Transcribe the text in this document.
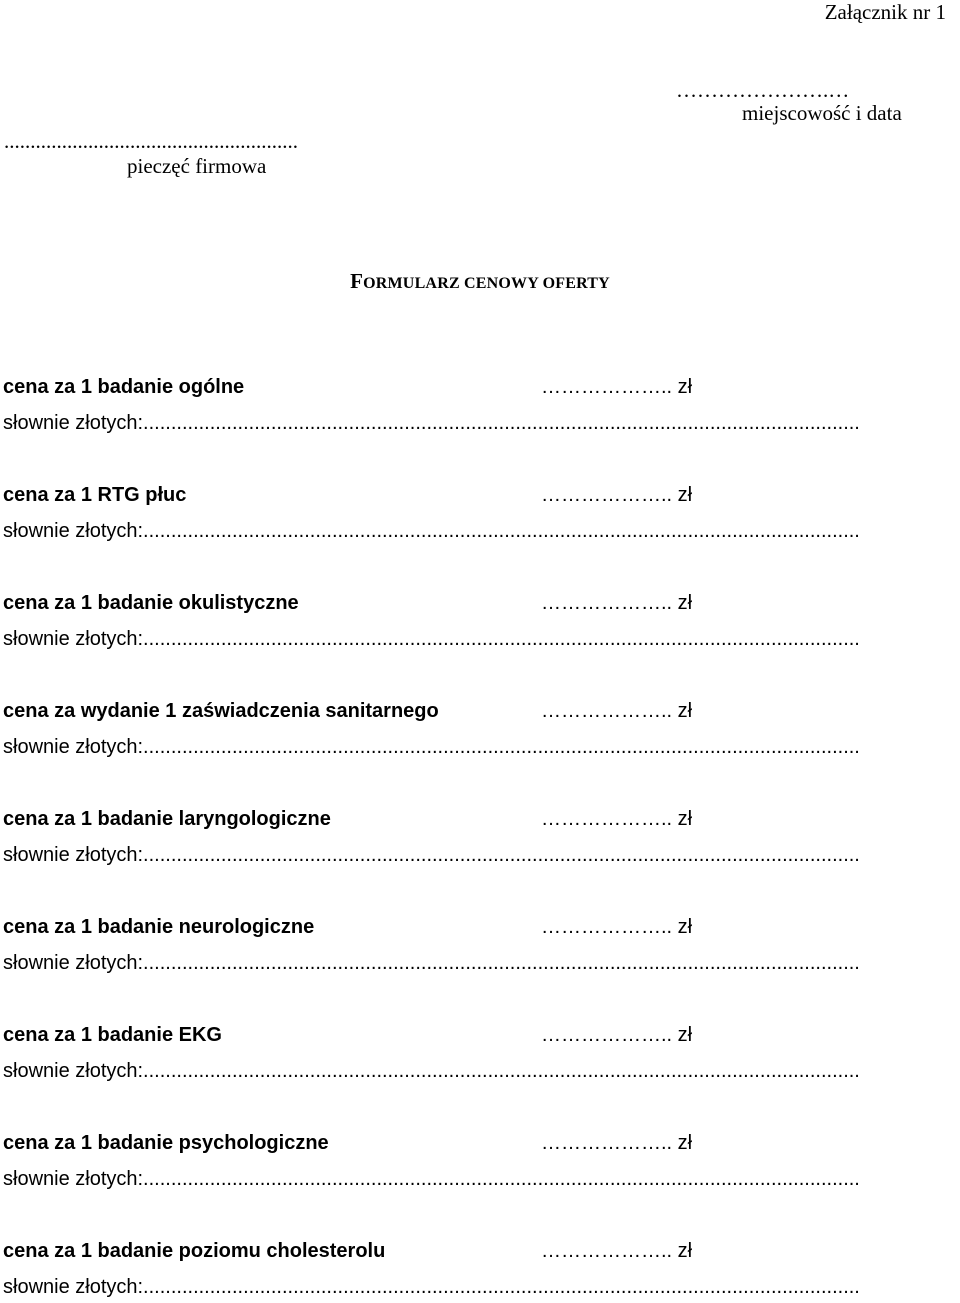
Załącznik nr 1
………………….…
miejscowość i data
........................................................
pieczęć firmowa
FORMULARZ CENOWY OFERTY
cena za 1 badanie ogólne	……………….. zł
słownie złotych:.................................................................................................................................
cena za 1 RTG płuc	……………….. zł
słownie złotych:.................................................................................................................................
cena za 1 badanie okulistyczne	……………….. zł
słownie złotych:.................................................................................................................................
cena za wydanie 1 zaświadczenia sanitarnego	……………….. zł
słownie złotych:.................................................................................................................................
cena za 1 badanie laryngologiczne	……………….. zł
słownie złotych:.................................................................................................................................
cena za 1 badanie neurologiczne	……………….. zł
słownie złotych:.................................................................................................................................
cena za 1 badanie EKG	……………….. zł
słownie złotych:.................................................................................................................................
cena za 1 badanie psychologiczne	……………….. zł
słownie złotych:.................................................................................................................................
cena za 1 badanie poziomu cholesterolu	……………….. zł
słownie złotych:.................................................................................................................................
